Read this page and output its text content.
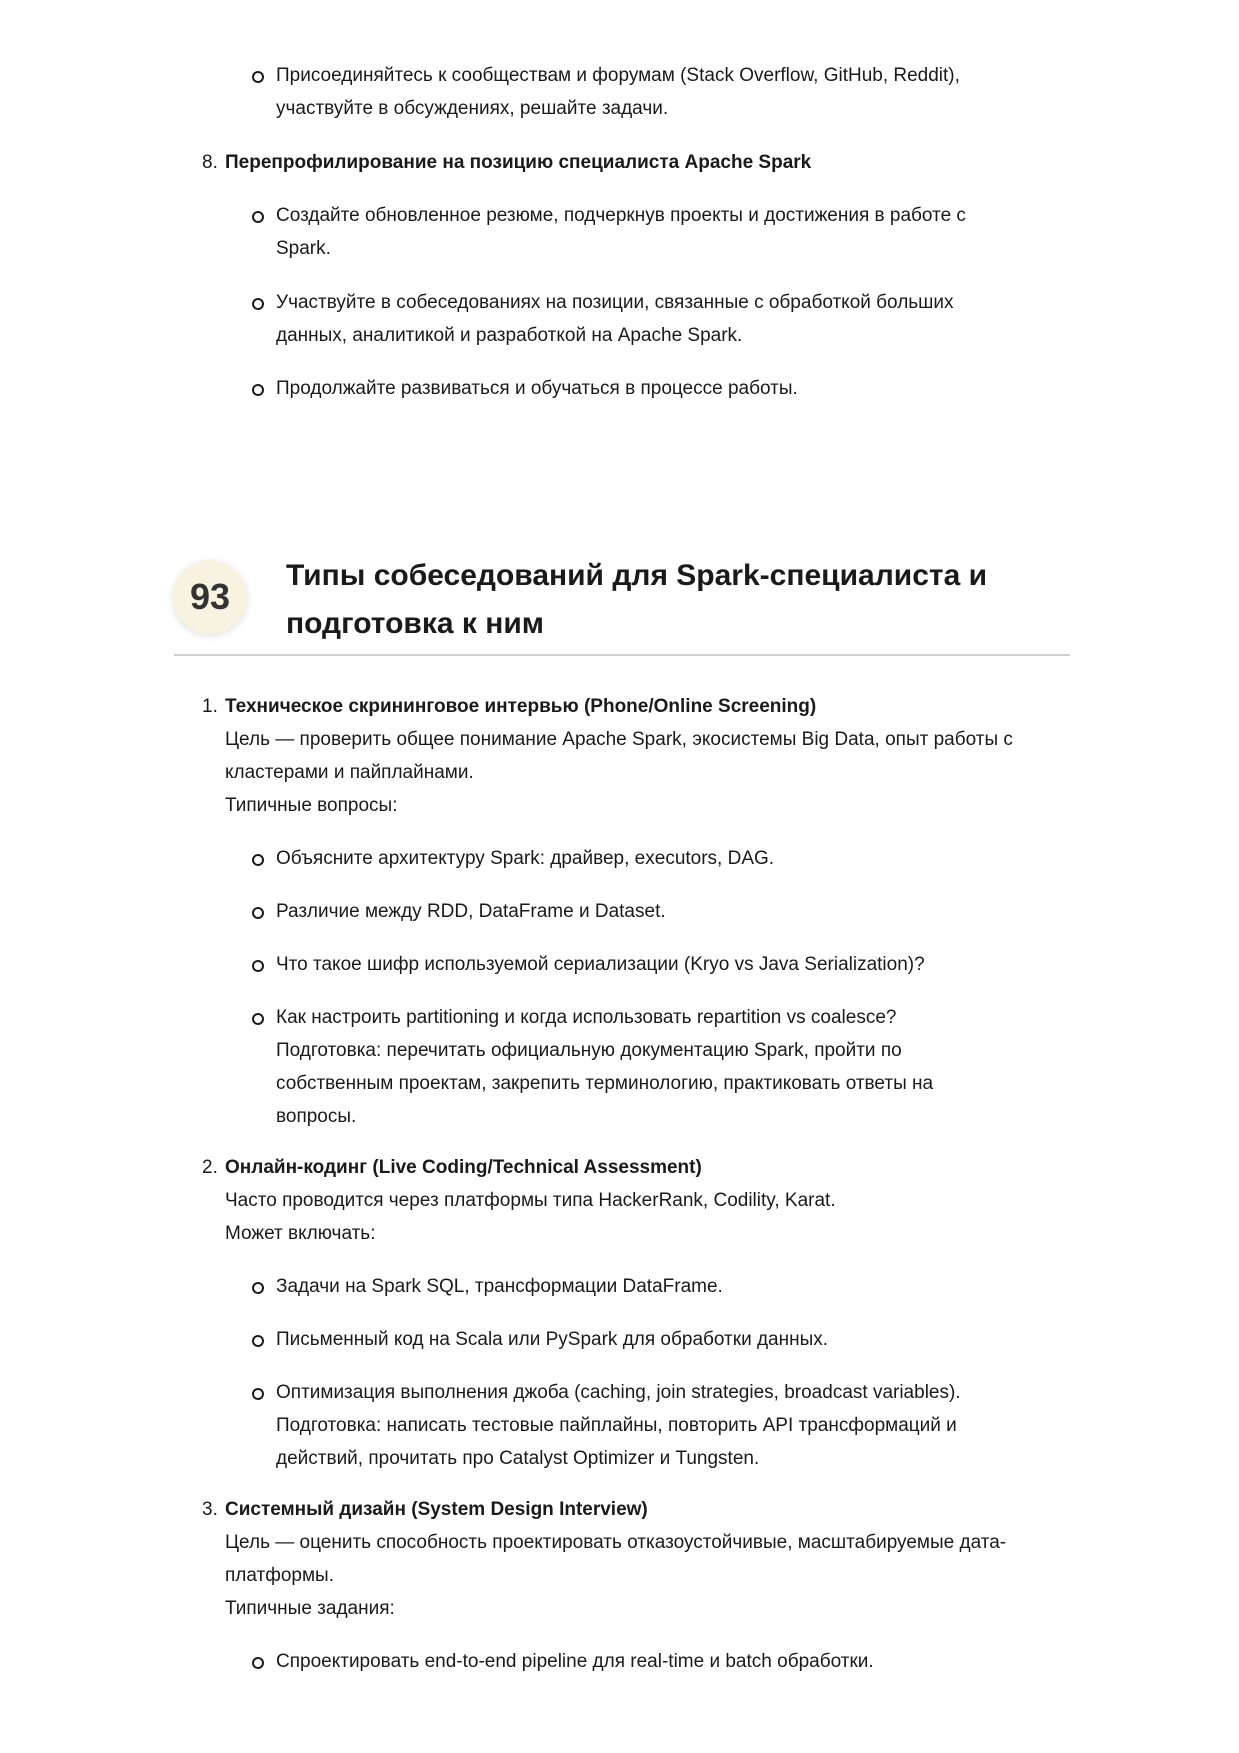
Присоединяйтесь к сообществам и форумам (Stack Overflow, GitHub, Reddit),
участвуйте в обсуждениях, решайте задачи.
8. Перепрофилирование на позицию специалиста Apache Spark
Создайте обновленное резюме, подчеркнув проекты и достижения в работе с
Spark.
Участвуйте в собеседованиях на позиции, связанные с обработкой больших
данных, аналитикой и разработкой на Apache Spark.
Продолжайте развиваться и обучаться в процессе работы.
93
Типы собеседований для Spark-специалиста и
подготовка к ним
1. Техническое скрининговое интервью (Phone/Online Screening)
Цель — проверить общее понимание Apache Spark, экосистемы Big Data, опыт работы с
кластерами и пайплайнами.
Типичные вопросы:
Объясните архитектуру Spark: драйвер, executors, DAG.
Различие между RDD, DataFrame и Dataset.
Что такое шифр используемой сериализации (Kryo vs Java Serialization)?
Как настроить partitioning и когда использовать repartition vs coalesce?
Подготовка: перечитать официальную документацию Spark, пройти по
собственным проектам, закрепить терминологию, практиковать ответы на
вопросы.
2. Онлайн-кодинг (Live Coding/Technical Assessment)
Часто проводится через платформы типа HackerRank, Codility, Karat.
Может включать:
Задачи на Spark SQL, трансформации DataFrame.
Письменный код на Scala или PySpark для обработки данных.
Оптимизация выполнения джоба (caching, join strategies, broadcast variables).
Подготовка: написать тестовые пайплайны, повторить API трансформаций и
действий, прочитать про Catalyst Optimizer и Tungsten.
3. Системный дизайн (System Design Interview)
Цель — оценить способность проектировать отказоустойчивые, масштабируемые дата-
платформы.
Типичные задания:
Спроектировать end-to-end pipeline для real-time и batch обработки.
